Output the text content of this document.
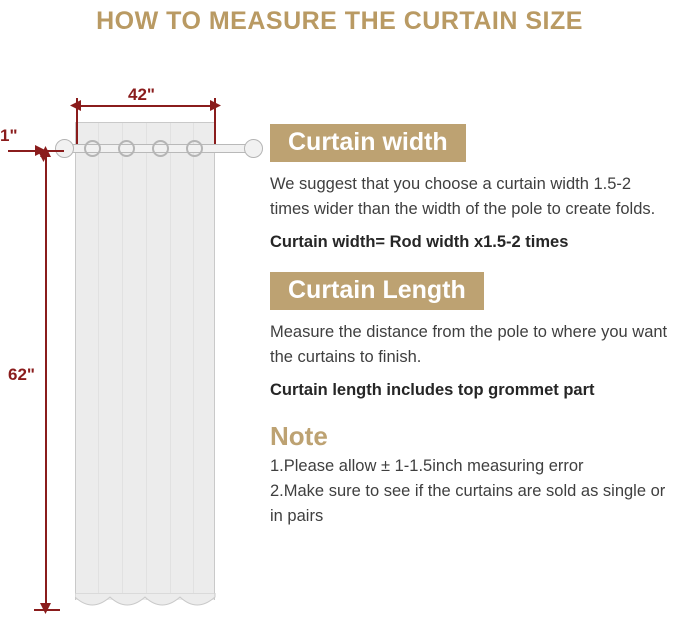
HOW TO MEASURE THE CURTAIN SIZE
42"
62"
1"	Curtain width

We suggest that you choose a curtain width 1.5-2 times wider than the width of the pole to create folds.

Curtain width= Rod width x1.5-2 times

Curtain Length

Measure the distance from the pole to where you want the curtains to finish.

Curtain length includes top grommet part

Note

1.Please allow ± 1-1.5inch measuring error

2.Make sure to see if the curtains are sold as single or in pairs
